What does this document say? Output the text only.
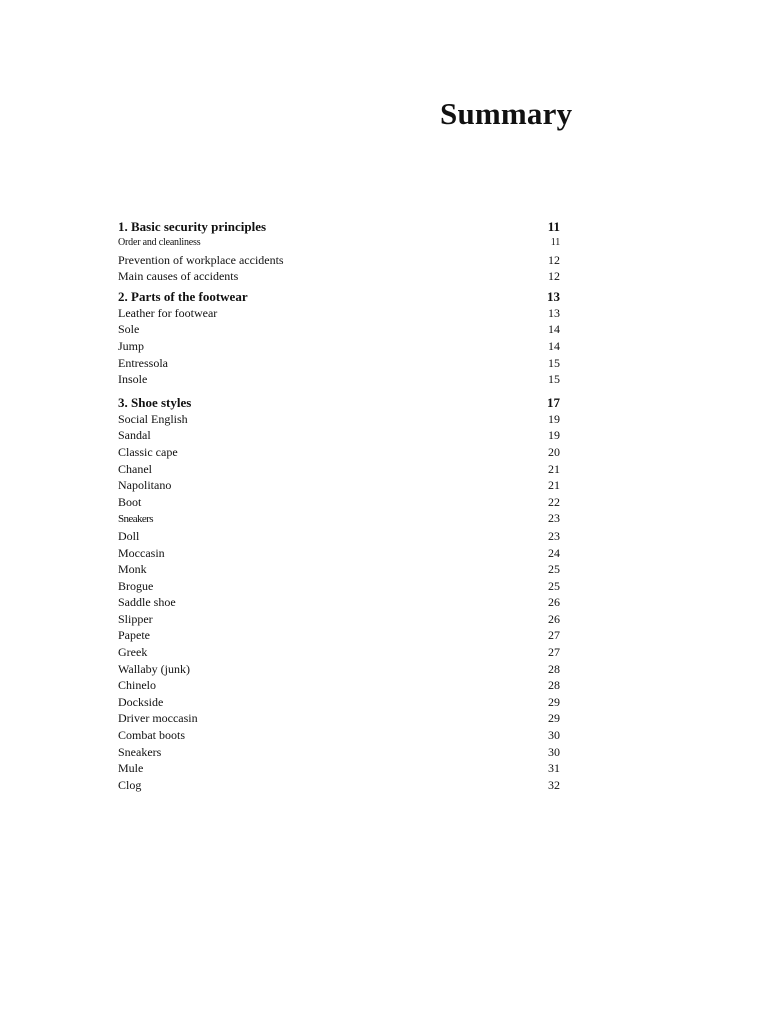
Summary
1. Basic security principles	11
Order and cleanliness	11
Prevention of workplace accidents	12
Main causes of accidents	12
2. Parts of the footwear	13
Leather for footwear	13
Sole	14
Jump	14
Entressola	15
Insole	15
3. Shoe styles	17
Social English	19
Sandal	19
Classic cape	20
Chanel	21
Napolitano	21
Boot	22
Sneakers	23
Doll	23
Moccasin	24
Monk	25
Brogue	25
Saddle shoe	26
Slipper	26
Papete	27
Greek	27
Wallaby (junk)	28
Chinelo	28
Dockside	29
Driver moccasin	29
Combat boots	30
Sneakers	30
Mule	31
Clog	32
